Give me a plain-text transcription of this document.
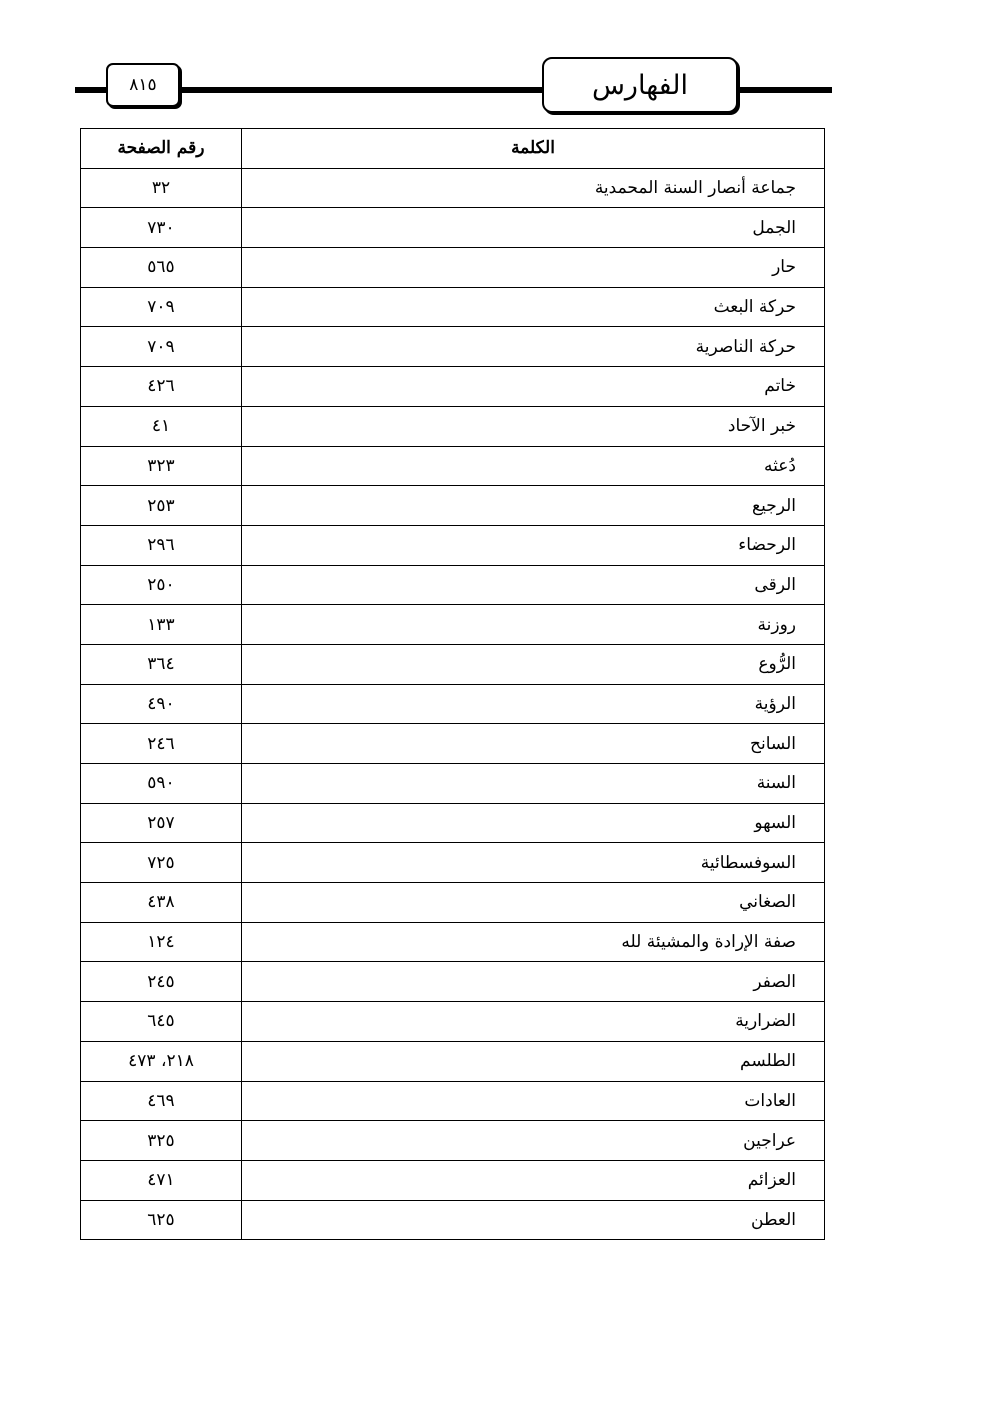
٨١٥	الفهارس
الكلمة	رقم الصفحة
جماعة أنصار السنة المحمدية	٣٢
الجمل	٧٣٠
حار	٥٦٥
حركة البعث	٧٠٩
حركة الناصرية	٧٠٩
خاتم	٤٢٦
خبر الآحاد	٤١
دُعثه	٣٢٣
الرجيع	٢٥٣
الرحضاء	٢٩٦
الرقى	٢٥٠
روزنة	١٣٣
الرُّوع	٣٦٤
الرؤية	٤٩٠
السانح	٢٤٦
السنة	٥٩٠
السهو	٢٥٧
السوفسطائية	٧٢٥
الصغاني	٤٣٨
صفة الإرادة والمشيئة لله	١٢٤
الصفر	٢٤٥
الضرارية	٦٤٥
الطلسم	٢١٨، ٤٧٣
العادات	٤٦٩
عراجين	٣٢٥
العزائم	٤٧١
العطن	٦٢٥
